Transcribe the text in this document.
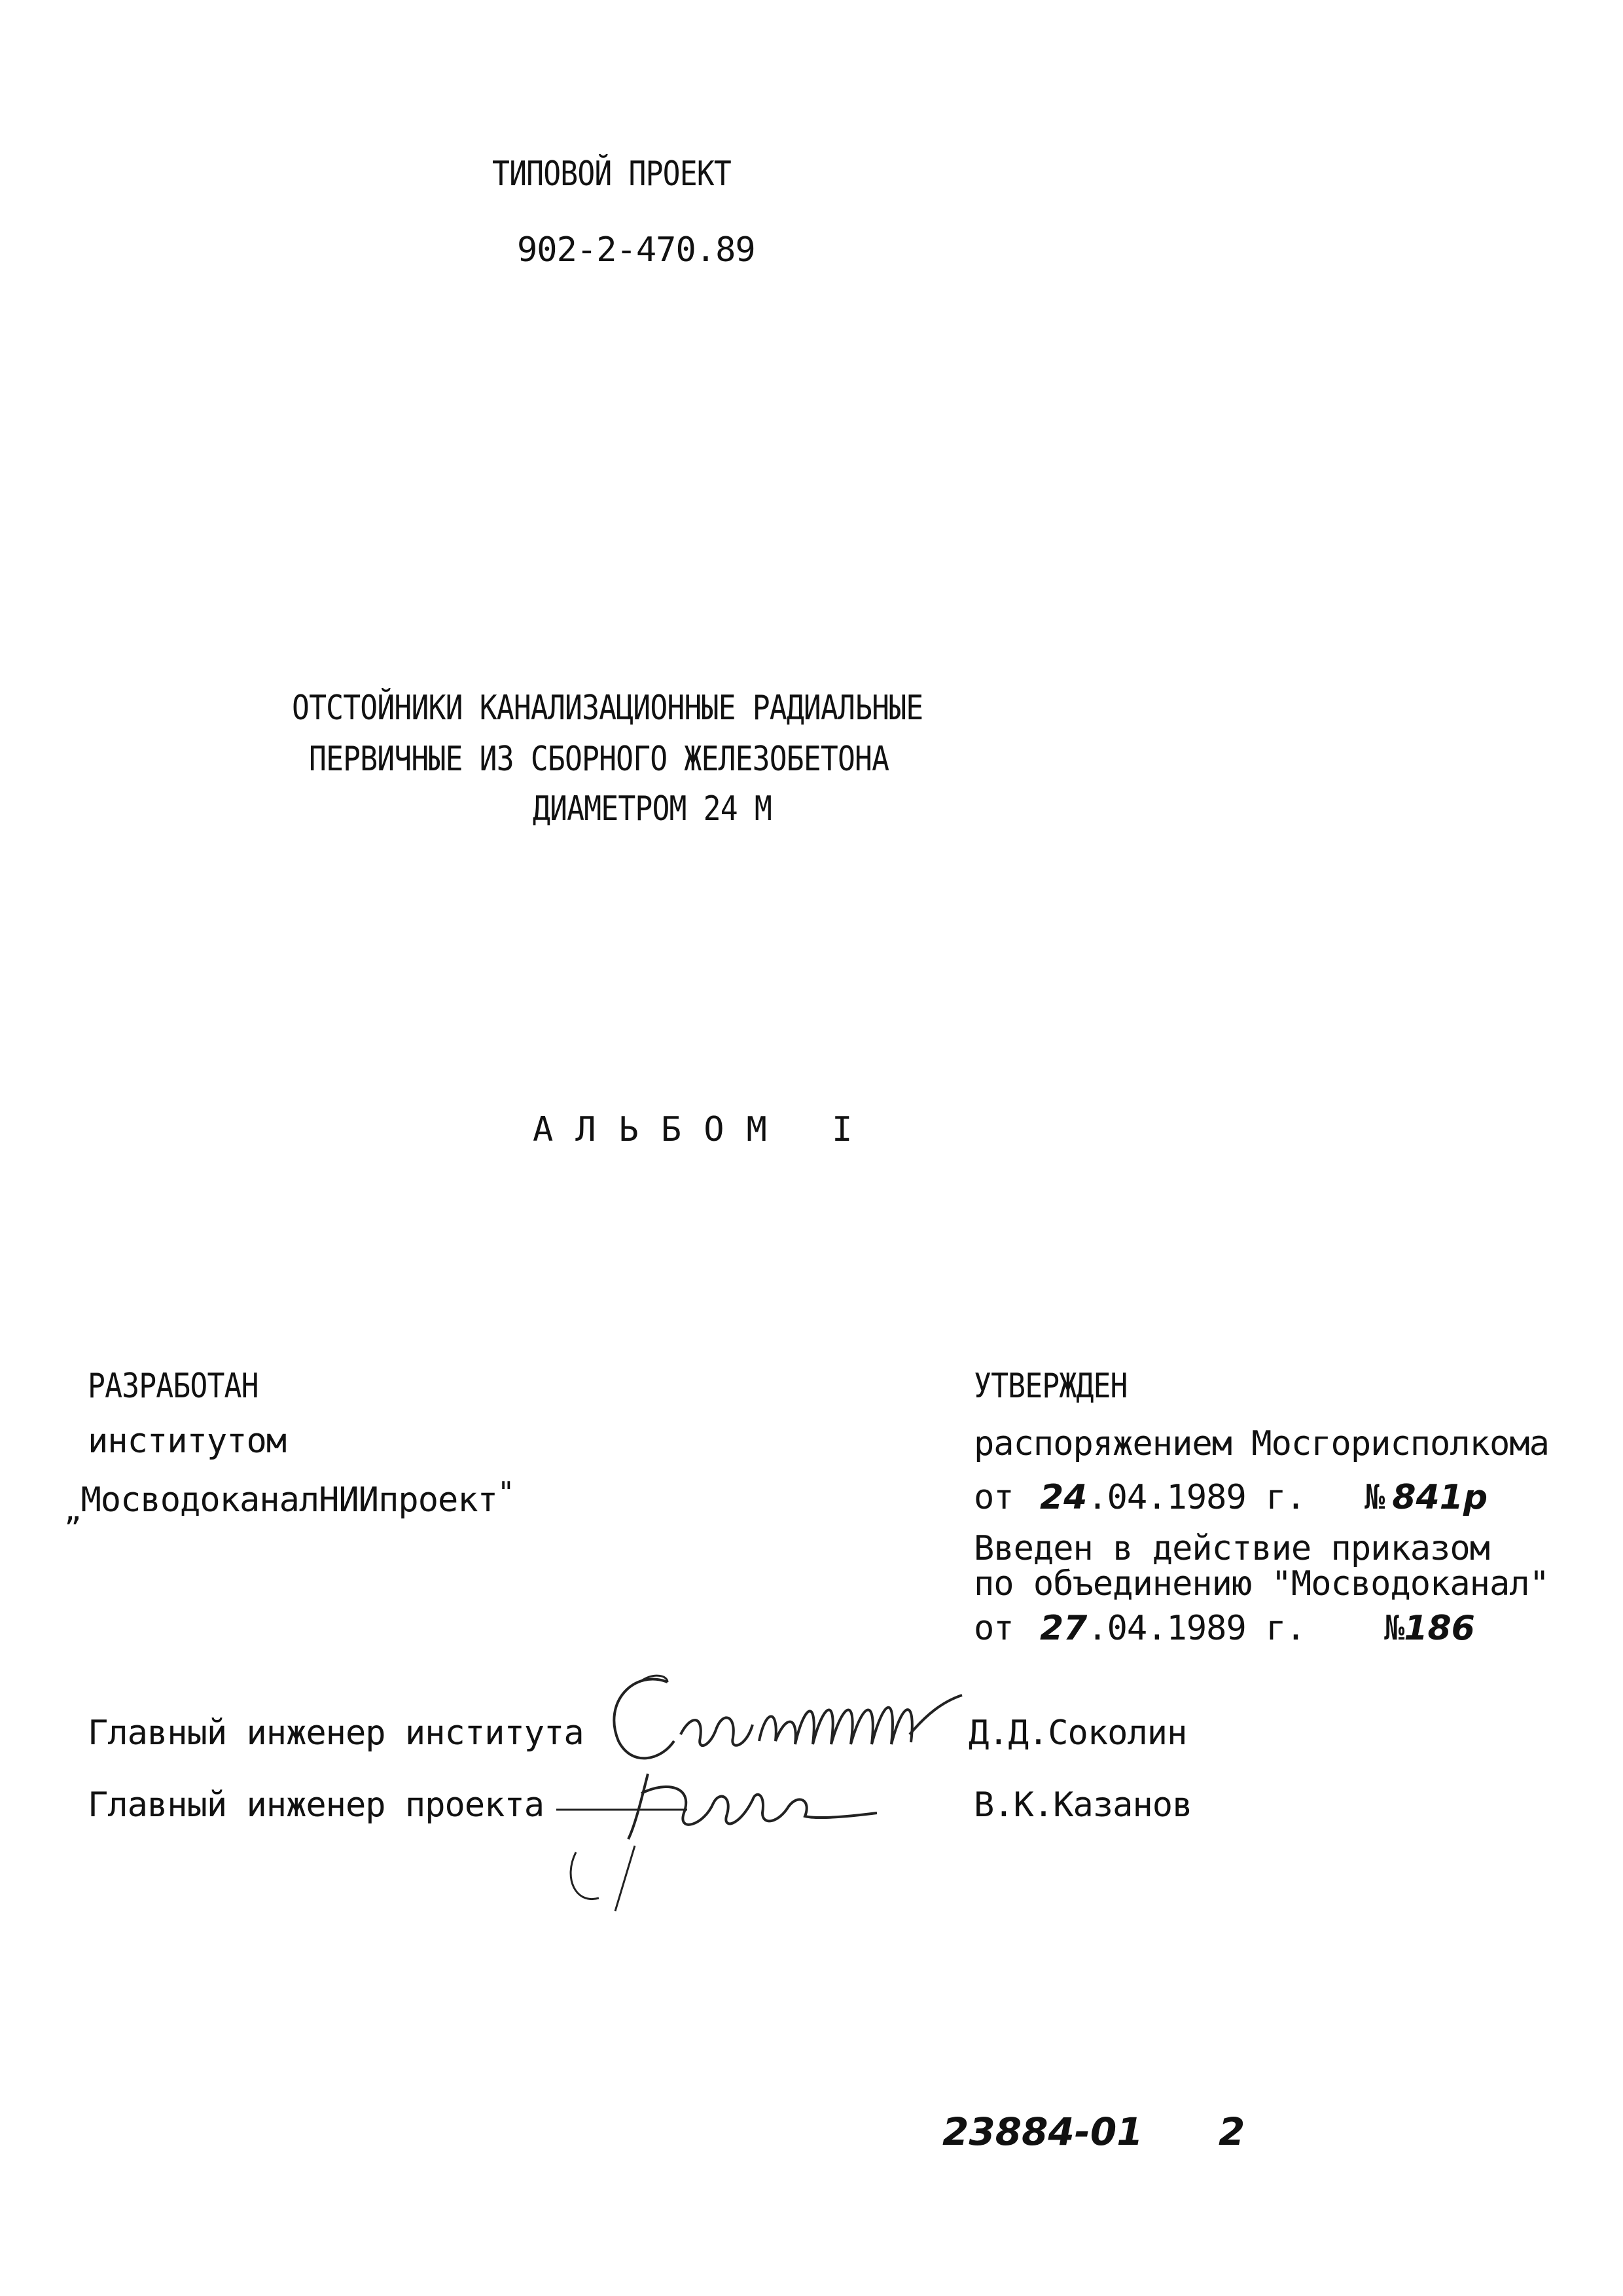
ТИПОВОЙ ПРОЕКТ
902-2-470.89
ОТСТОЙНИКИ КАНАЛИЗАЦИОННЫЕ РАДИАЛЬНЫЕ
ПЕРВИЧНЫЕ ИЗ СБОРНОГО ЖЕЛЕЗОБЕТОНА
ДИАМЕТРОМ 24 М
АЛЬБОМ I
РАЗРАБОТАН
институтом
$_„$МосводоканалНИИпроект"
УТВЕРЖДЕН
распоряжением Мосгорисполкома
от 24.04.1989 г. № 841р
Введен в действие приказом
по объединению "Мосводоканал"
от 27.04.1989 г. №186
Главный инженер института	Д.Д.Соколин
Главный инженер проекта	В.К.Казанов
23884-01 2
